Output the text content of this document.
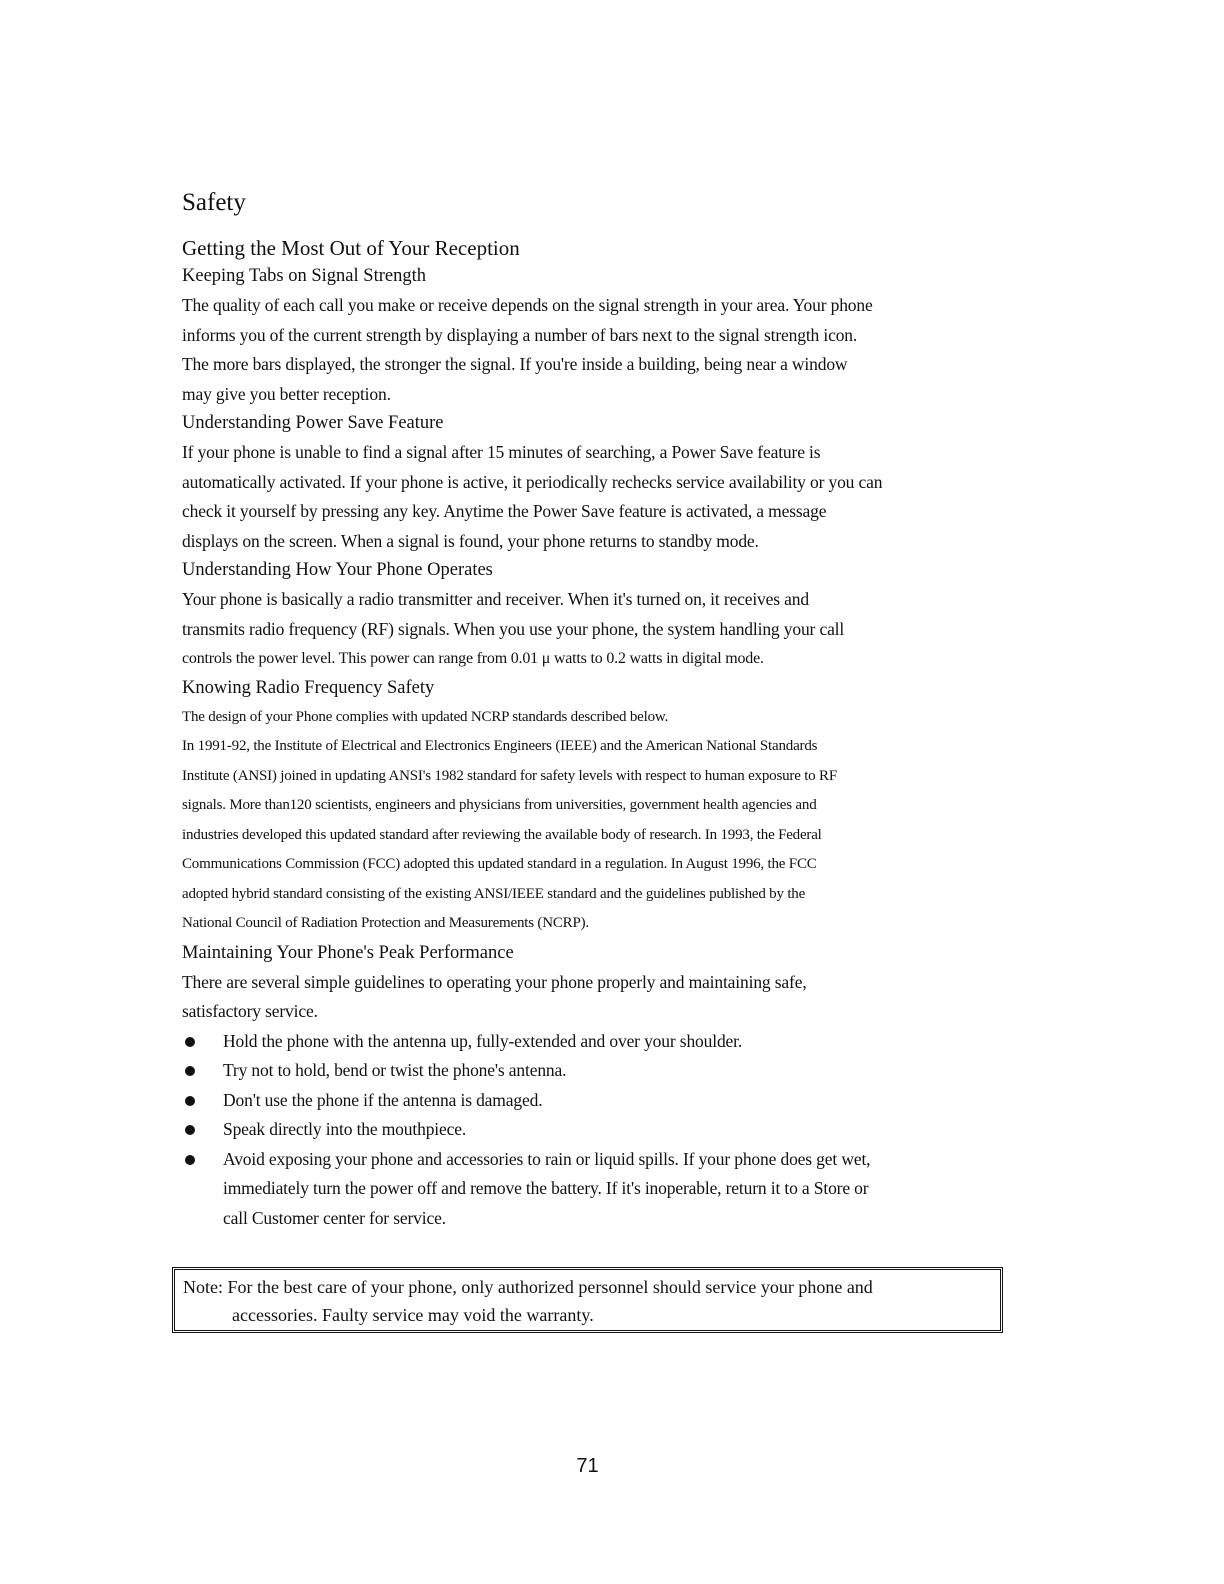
Safety
Getting the Most Out of Your Reception
Keeping Tabs on Signal Strength

The quality of each call you make or receive depends on the signal strength in your area. Your phone

informs you of the current strength by displaying a number of bars next to the signal strength icon.

The more bars displayed, the stronger the signal. If you're inside a building, being near a window

may give you better reception.

Understanding Power Save Feature

If your phone is unable to find a signal after 15 minutes of searching, a Power Save feature is

automatically activated. If your phone is active, it periodically rechecks service availability or you can

check it yourself by pressing any key. Anytime the Power Save feature is activated, a message

displays on the screen. When a signal is found, your phone returns to standby mode.

Understanding How Your Phone Operates

Your phone is basically a radio transmitter and receiver. When it's turned on, it receives and

transmits radio frequency (RF) signals. When you use your phone, the system handling your call

controls the power level. This power can range from 0.01 μ watts to 0.2 watts in digital mode.

Knowing Radio Frequency Safety

The design of your Phone complies with updated NCRP standards described below.

In 1991-92, the Institute of Electrical and Electronics Engineers (IEEE) and the American National Standards

Institute (ANSI) joined in updating ANSI's 1982 standard for safety levels with respect to human exposure to RF

signals. More than120 scientists, engineers and physicians from universities, government health agencies and

industries developed this updated standard after reviewing the available body of research. In 1993, the Federal

Communications Commission (FCC) adopted this updated standard in a regulation. In August 1996, the FCC

adopted hybrid standard consisting of the existing ANSI/IEEE standard and the guidelines published by the

National Council of Radiation Protection and Measurements (NCRP).

Maintaining Your Phone's Peak Performance

There are several simple guidelines to operating your phone properly and maintaining safe,

satisfactory service.

Hold the phone with the antenna up, fully-extended and over your shoulder.
Try not to hold, bend or twist the phone's antenna.
Don't use the phone if the antenna is damaged.
Speak directly into the mouthpiece.
Avoid exposing your phone and accessories to rain or liquid spills. If your phone does get wet,
immediately turn the power off and remove the battery. If it's inoperable, return it to a Store or
call Customer center for service.

Note: For the best care of your phone, only authorized personnel should service your phone and

accessories. Faulty service may void the warranty.

71
